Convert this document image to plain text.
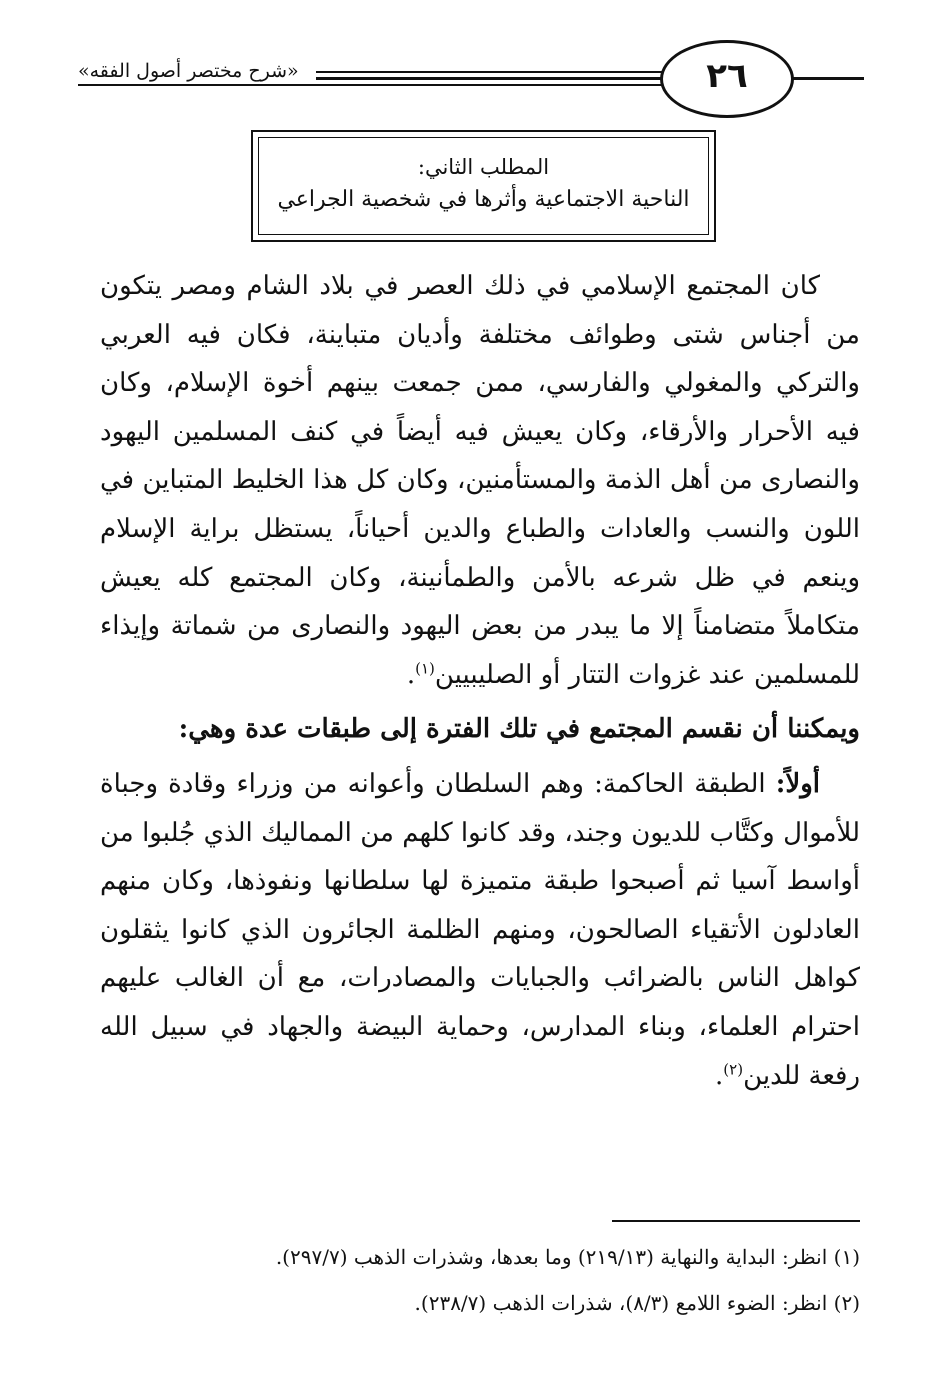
٢٦
«شرح مختصر أصول الفقه»
المطلب الثاني:
الناحية الاجتماعية وأثرها في شخصية الجراعي

كان المجتمع الإسلامي في ذلك العصر في بلاد الشام ومصر يتكون من أجناس شتى وطوائف مختلفة وأديان متباينة، فكان فيه العربي والتركي والمغولي والفارسي، ممن جمعت بينهم أخوة الإسلام، وكان فيه الأحرار والأرقاء، وكان يعيش فيه أيضاً في كنف المسلمين اليهود والنصارى من أهل الذمة والمستأمنين، وكان كل هذا الخليط المتباين في اللون والنسب والعادات والطباع والدين أحياناً، يستظل براية الإسلام وينعم في ظل شرعه بالأمن والطمأنينة، وكان المجتمع كله يعيش متكاملاً متضامناً إلا ما يبدر من بعض اليهود والنصارى من شماتة وإيذاء للمسلمين عند غزوات التتار أو الصليبيين$^{(١)}$.

ويمكننا أن نقسم المجتمع في تلك الفترة إلى طبقات عدة وهي:

أولاً: الطبقة الحاكمة: وهم السلطان وأعوانه من وزراء وقادة وجباة للأموال وكتَّاب للديون وجند، وقد كانوا كلهم من المماليك الذي جُلبوا من أواسط آسيا ثم أصبحوا طبقة متميزة لها سلطانها ونفوذها، وكان منهم العادلون الأتقياء الصالحون، ومنهم الظلمة الجائرون الذي كانوا يثقلون كواهل الناس بالضرائب والجبايات والمصادرات، مع أن الغالب عليهم احترام العلماء، وبناء المدارس، وحماية البيضة والجهاد في سبيل الله رفعة للدين$^{(٢)}$.

(١) انظر: البداية والنهاية (٢١٩/١٣) وما بعدها، وشذرات الذهب (٢٩٧/٧).

(٢) انظر: الضوء اللامع (٨/٣)، شذرات الذهب (٢٣٨/٧).
